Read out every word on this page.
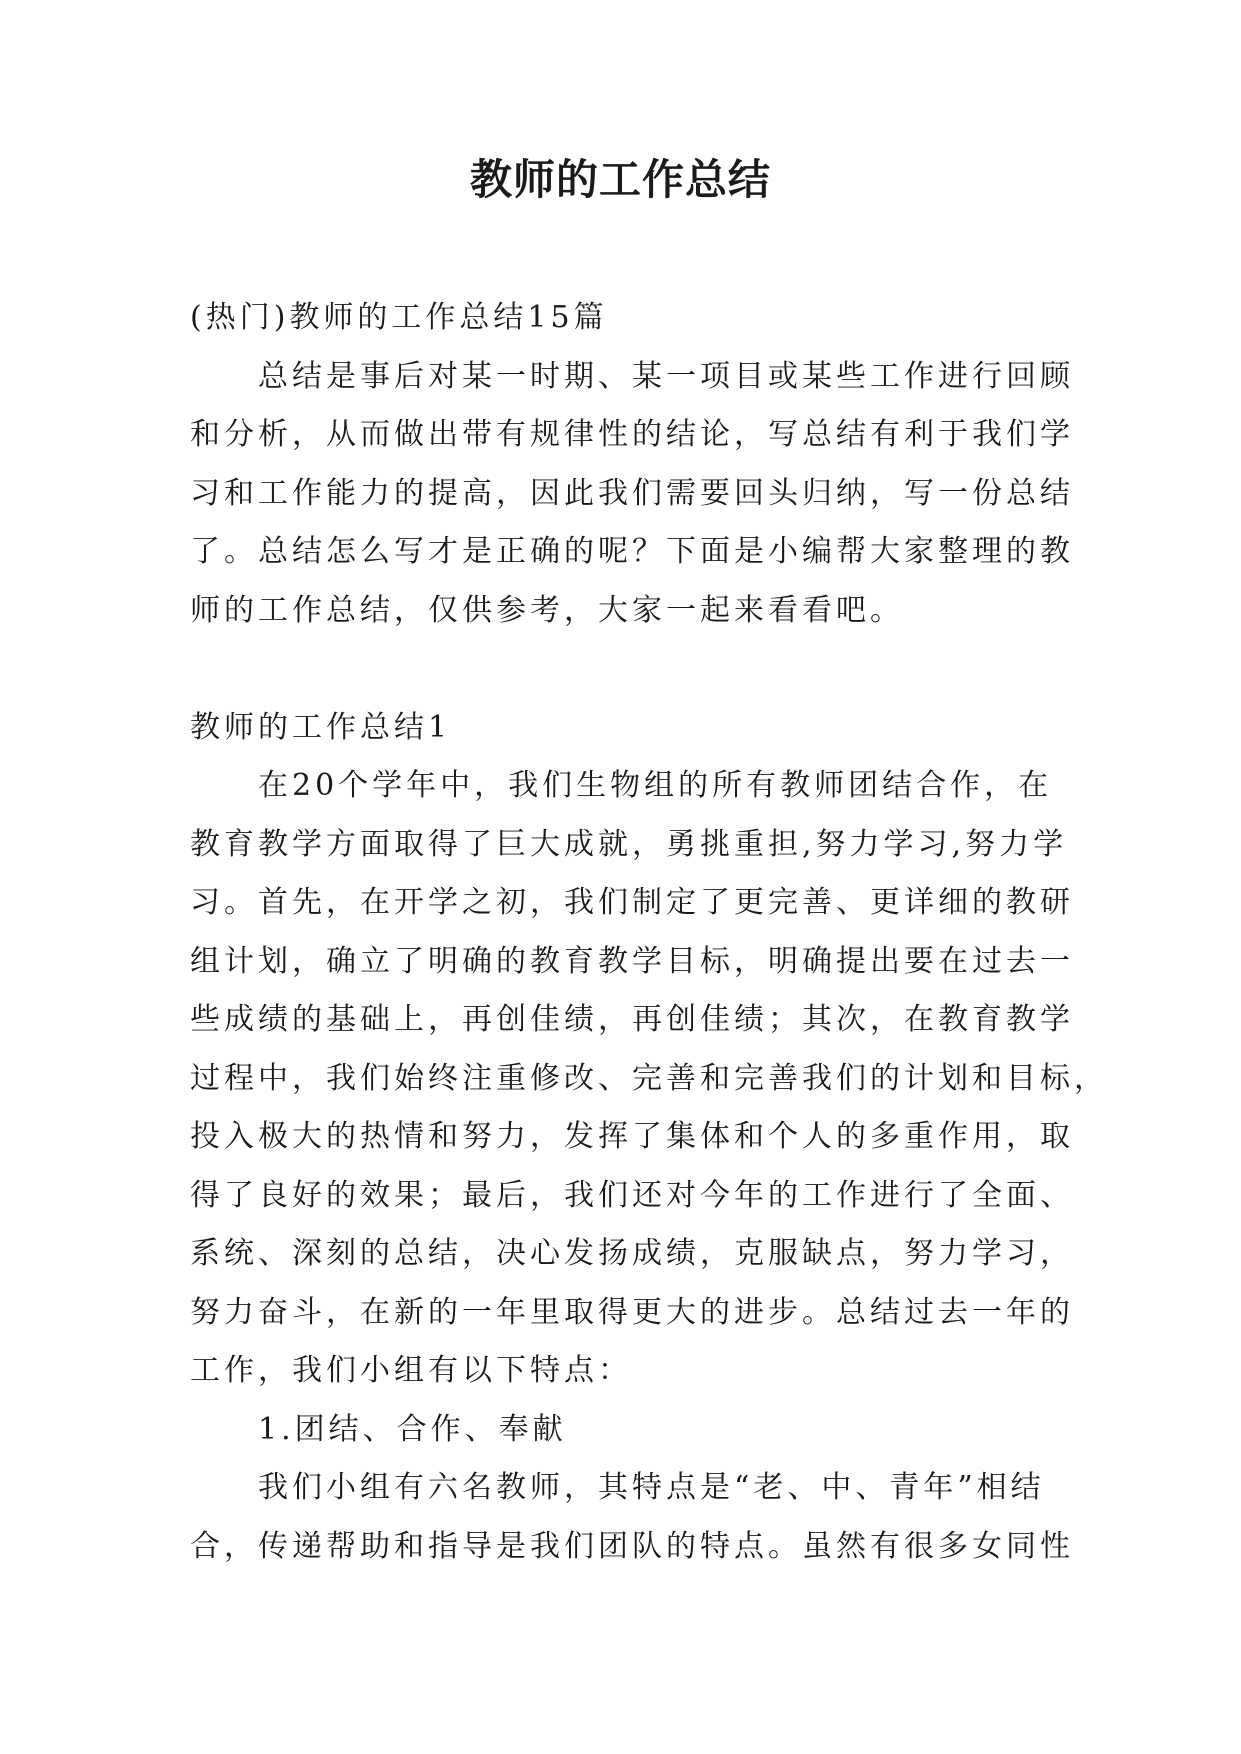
教师的工作总结
(热门)教师的工作总结15篇
总结是事后对某一时期、某一项目或某些工作进行回顾
和分析，从而做出带有规律性的结论，写总结有利于我们学
习和工作能力的提高，因此我们需要回头归纳，写一份总结
了。总结怎么写才是正确的呢？下面是小编帮大家整理的教
师的工作总结，仅供参考，大家一起来看看吧。
教师的工作总结1
在20个学年中，我们生物组的所有教师团结合作，在
教育教学方面取得了巨大成就，勇挑重担,努力学习,努力学
习。首先，在开学之初，我们制定了更完善、更详细的教研
组计划，确立了明确的教育教学目标，明确提出要在过去一
些成绩的基础上，再创佳绩，再创佳绩；其次，在教育教学
过程中，我们始终注重修改、完善和完善我们的计划和目标，
投入极大的热情和努力，发挥了集体和个人的多重作用，取
得了良好的效果；最后，我们还对今年的工作进行了全面、
系统、深刻的总结，决心发扬成绩，克服缺点，努力学习，
努力奋斗，在新的一年里取得更大的进步。总结过去一年的
工作，我们小组有以下特点：
1.团结、合作、奉献
我们小组有六名教师，其特点是“老、中、青年”相结
合，传递帮助和指导是我们团队的特点。虽然有很多女同性
